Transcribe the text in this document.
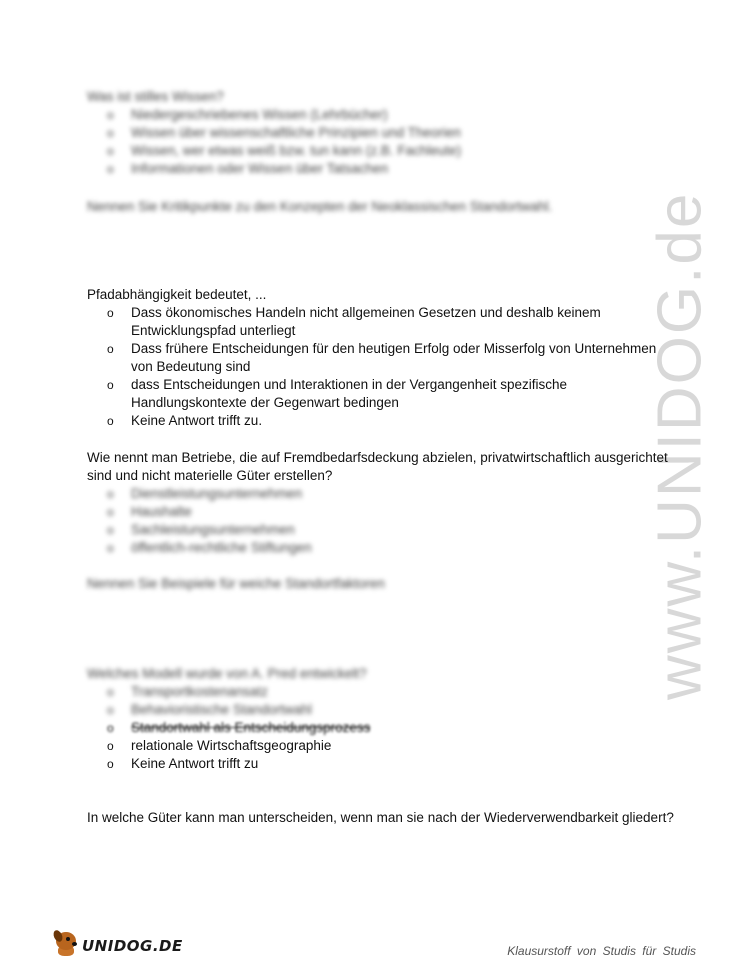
www.UNIDOG.de

Was ist stilles Wissen?

o Niedergeschriebenes Wissen (Lehrbücher)
o Wissen über wissenschaftliche Prinzipien und Theorien
o Wissen, wer etwas weiß bzw. tun kann (z.B. Fachleute)
o Informationen oder Wissen über Tatsachen

Nennen Sie Kritikpunkte zu den Konzepten der Neoklassischen Standortwahl.

Pfadabhängigkeit bedeutet, ...

o Dass ökonomisches Handeln nicht allgemeinen Gesetzen und deshalb keinem Entwicklungspfad unterliegt
o Dass frühere Entscheidungen für den heutigen Erfolg oder Misserfolg von Unternehmen von Bedeutung sind
o dass Entscheidungen und Interaktionen in der Vergangenheit spezifische Handlungskontexte der Gegenwart bedingen
o Keine Antwort trifft zu.

Wie nennt man Betriebe, die auf Fremdbedarfsdeckung abzielen, privatwirtschaftlich ausgerichtet sind und nicht materielle Güter erstellen?

o Dienstleistungsunternehmen
o Haushalte
o Sachleistungsunternehmen
o öffentlich-rechtliche Stiftungen

Nennen Sie Beispiele für weiche Standortfaktoren

Welches Modell wurde von A. Pred entwickelt?

o Transportkostenansatz
o Behavioristische Standortwahl
o Standortwahl als Entscheidungsprozess
o relationale Wirtschaftsgeographie
o Keine Antwort trifft zu

In welche Güter kann man unterscheiden, wenn man sie nach der Wiederverwendbarkeit gliedert?

UNIDOG.DE	Klausurstoff von Studis für Studis
